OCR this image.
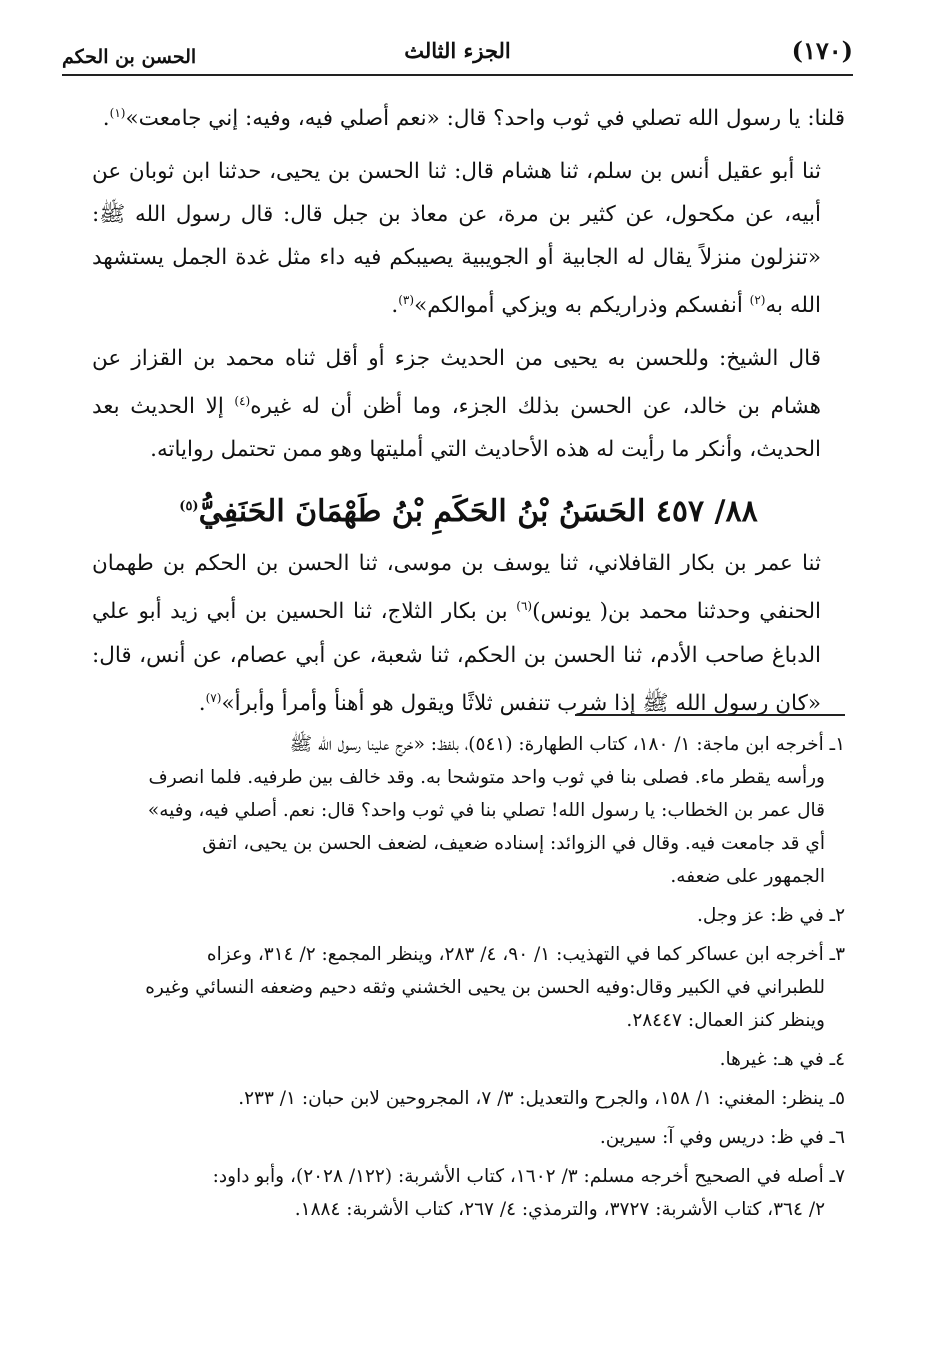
(١٧٠)
الجزء الثالث
الحسن بن الحكم

قلنا: يا رسول الله تصلي في ثوب واحد؟ قال: «نعم أصلي فيه، وفيه: إني جامعت»$^{(١)}$.

ثنا أبو عقيل أنس بن سلم، ثنا هشام قال: ثنا الحسن بن يحيى، حدثنا ابن ثوبان عن أبيه، عن مكحول، عن كثير بن مرة، عن معاذ بن جبل قال: قال رسول الله ﷺ: «تنزلون منزلاً يقال له الجابية أو الجويبية يصيبكم فيه داء مثل غدة الجمل يستشهد الله به$^{(٢)}$ أنفسكم وذراريكم به ويزكي أموالكم»$^{(٣)}$.

قال الشيخ: وللحسن به يحيى من الحديث جزء أو أقل ثناه محمد بن القزاز عن هشام بن خالد، عن الحسن بذلك الجزء، وما أظن أن له غيره$^{(٤)}$ إلا الحديث بعد الحديث، وأنكر ما رأيت له هذه الأحاديث التي أمليتها وهو ممن تحتمل رواياته.

٨٨/ ٤٥٧ الحَسَنُ بْنُ الحَكَمِ بْنُ طَهْمَانَ الحَنَفِيُّ$^{(٥)}$

ثنا عمر بن بكار القافلاني، ثنا يوسف بن موسى، ثنا الحسن بن الحكم بن طهمان الحنفي وحدثنا محمد بن( يونس)$^{(٦)}$ بن بكار الثلاج، ثنا الحسين بن أبي زيد أبو علي الدباغ صاحب الأدم، ثنا الحسن بن الحكم، ثنا شعبة، عن أبي عصام، عن أنس، قال: «كان رسول الله ﷺ إذا شرب تنفس ثلاثًا ويقول هو أهنأ وأمرأ وأبرأ»$^{(٧)}$.

١ـ أخرجه ابن ماجة: ١/ ١٨٠، كتاب الطهارة: (٥٤١)، بلفظ: «خرج علينا رسول الله ﷺ
ورأسه يقطر ماء. فصلى بنا في ثوب واحد متوشحا به. وقد خالف بين طرفيه. فلما انصرف
قال عمر بن الخطاب: يا رسول الله! تصلي بنا في ثوب واحد؟ قال: نعم. أصلي فيه، وفيه»
أي قد جامعت فيه. وقال في الزوائد: إسناده ضعيف، لضعف الحسن بن يحيى، اتفق
الجمهور على ضعفه.
٢ـ في ظ: عز وجل.
٣ـ أخرجه ابن عساكر كما في التهذيب: ١/ ٩٠، ٤/ ٢٨٣، وينظر المجمع: ٢/ ٣١٤، وعزاه
للطبراني في الكبير وقال:وفيه الحسن بن يحيى الخشني وثقه دحيم وضعفه النسائي وغيره
وينظر كنز العمال: ٢٨٤٤٧.
٤ـ في هـ: غيرها.
٥ـ ينظر: المغني: ١/ ١٥٨، والجرح والتعديل: ٣/ ٧، المجروحين لابن حبان: ١/ ٢٣٣.
٦ـ في ظ: دريس وفي آ: سيرين.
٧ـ أصله في الصحيح أخرجه مسلم: ٣/ ١٦٠٢، كتاب الأشربة: (١٢٢/ ٢٠٢٨)، وأبو داود:
٢/ ٣٦٤، كتاب الأشربة: ٣٧٢٧، والترمذي: ٤/ ٢٦٧، كتاب الأشربة: ١٨٨٤.
